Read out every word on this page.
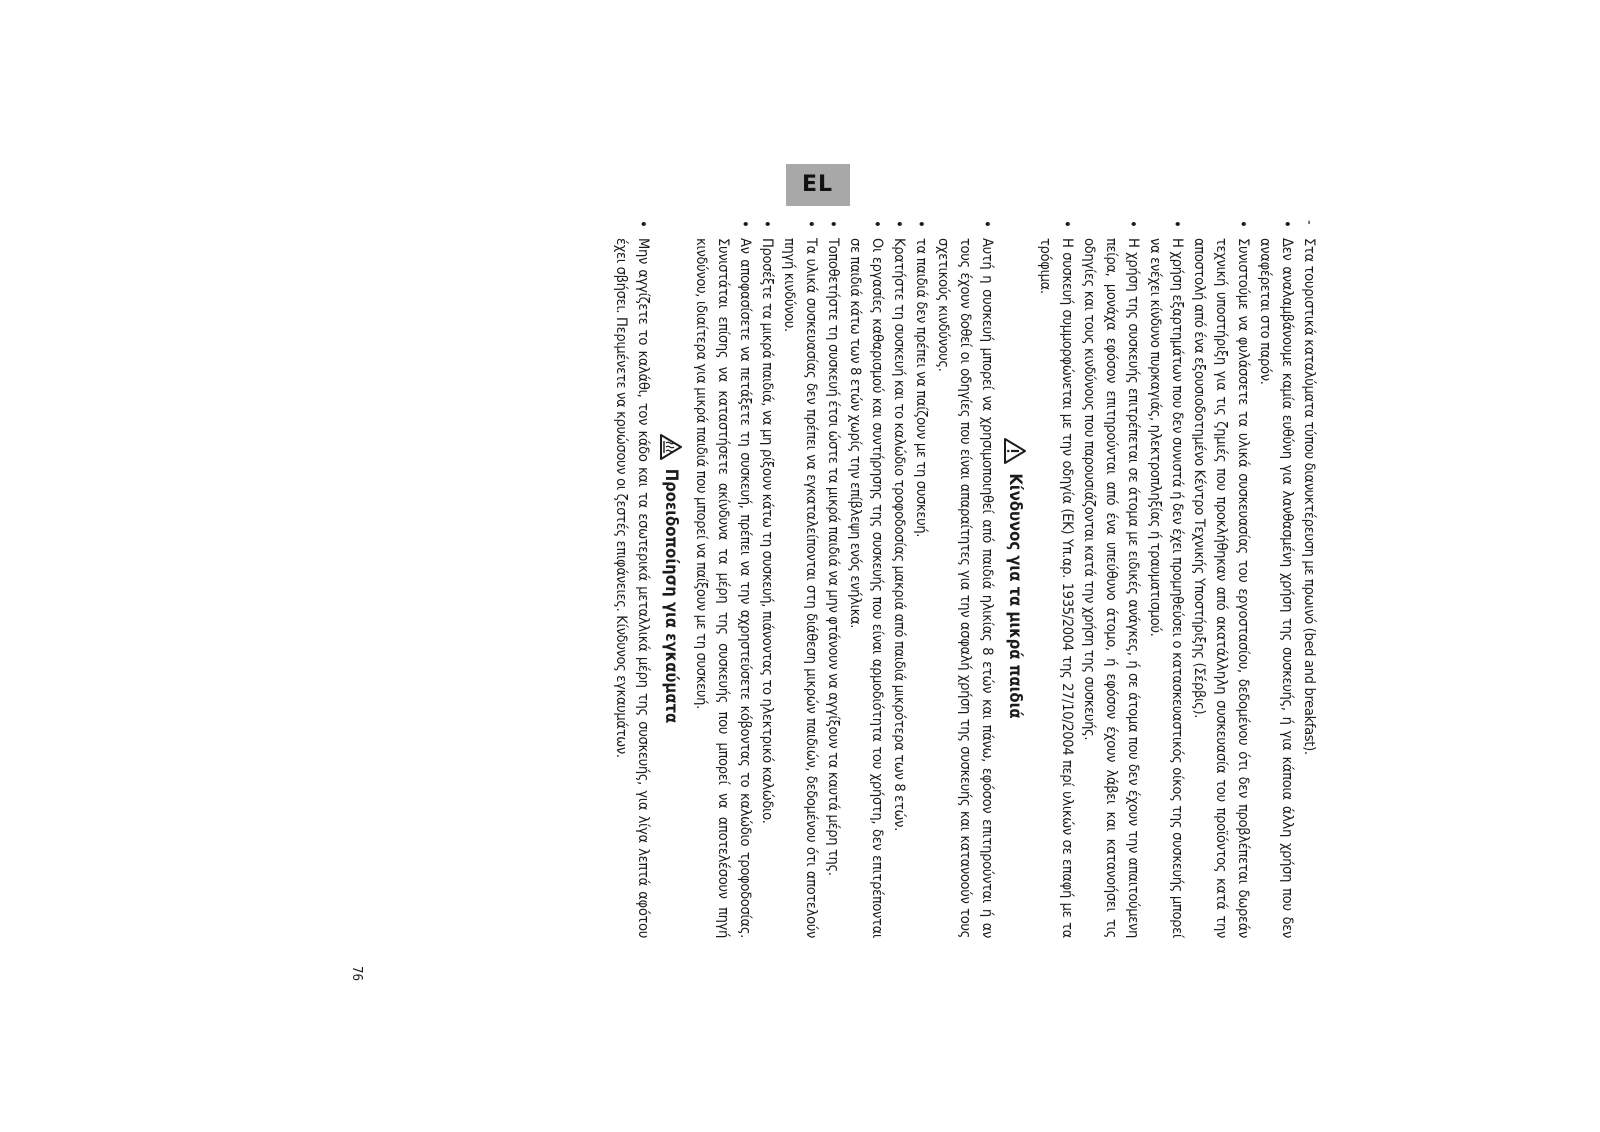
EL
- Στα τουριστικά καταλύματα τύπου διανυκτέρευση με πρωινό (bed and breakfast).
• Δεν αναλαμβάνουμε καμία ευθύνη για λανθασμένη χρήση της συσκευής, ή για κάποια άλλη χρήση που δεν αναφέρεται στο παρόν.
• Συνιστούμε να φυλάσσετε τα υλικά συσκευασίας του εργοστασίου, δεδομένου ότι δεν προβλέπεται δωρεάν τεχνική υποστήριξη για τις ζημιές που προκλήθηκαν από ακατάλληλη συσκευασία του προϊόντος κατά την αποστολή από ένα εξουσιοδοτημένο Κέντρο Τεχνικής Υποστήριξης (Σέρβις).
• Η χρήση εξαρτημάτων που δεν συνιστά ή δεν έχει προμηθεύσει ο κατασκευαστικός οίκος της συσκευής μπορεί να ενέχει κίνδυνο πυρκαγιάς, ηλεκτροπληξίας ή τραυματισμού.
• Η χρήση της συσκευής επιτρέπεται σε άτομα με ειδικές ανάγκες, ή σε άτομα που δεν έχουν την απαιτούμενη πείρα, μονάχα εφόσον επιτηρούνται από ένα υπεύθυνο άτομο, ή εφόσον έχουν λάβει και κατανοήσει τις οδηγίες και τους κινδύνους που παρουσιάζονται κατά την χρήση της συσκευής.
• Η συσκευή συμμορφώνεται με την οδηγία (ΕΚ) Υπ.αρ. 1935/2004 της 27/10/2004 περί υλικών σε επαφή με τα τρόφιμα.
Κίνδυνος για τα μικρά παιδιά
• Αυτή η συσκευή μπορεί να χρησιμοποιηθεί από παιδιά ηλικίας 8 ετών και πάνω, εφόσον επιτηρούνται ή αν τους έχουν δοθεί οι οδηγίες που είναι απαραίτητες για την ασφαλή χρήση της συσκευής και κατανοούν τους σχετικούς κινδύνους.
• τα παιδιά δεν πρέπει να παίζουν με τη συσκευή.
• Κρατήστε τη συσκευή και το καλώδιο τροφοδοσίας μακριά από παιδιά μικρότερα των 8 ετών.
• Οι εργασίες καθαρισμού και συντήρησης της συσκευής που είναι αρμοδιότητα του χρήστη, δεν επιτρέπονται σε παιδιά κάτω των 8 ετών χωρίς την επίβλεψη ενός ενήλικα.
• Τοποθετήστε τη συσκευή έτσι ώστε τα μικρά παιδιά να μην φτάνουν να αγγίξουν τα καυτά μέρη της.
• Τα υλικά συσκευασίας δεν πρέπει να εγκαταλείπονται στη διάθεση μικρών παιδιών, δεδομένου ότι αποτελούν πηγή κινδύνου.
• Προσέξτε τα μικρά παιδιά, να μη ρίξουν κάτω τη συσκευή, πιάνοντας το ηλεκτρικό καλώδιο.
• Αν αποφασίσετε να πετάξετε τη συσκευή, πρέπει να την αχρηστεύσετε κόβοντας το καλώδιο τροφοδοσίας. Συνιστάται επίσης να καταστήσετε ακίνδυνα τα μέρη της συσκευής που μπορεί να αποτελέσουν πηγή κινδύνου, ιδιαίτερα για μικρά παιδιά που μπορεί να παίξουν με τη συσκευή.
Προειδοποίηση για εγκαύματα
• Μην αγγίζετε το καλάθι, τον κάδο και τα εσωτερικά μεταλλικά μέρη της συσκευής, για λίγα λεπτά αφότου έχει σβήσει. Περιμένετε να κρυώσουν οι ζεστές επιφάνειες. Κίνδυνος εγκαυμάτων.
76
